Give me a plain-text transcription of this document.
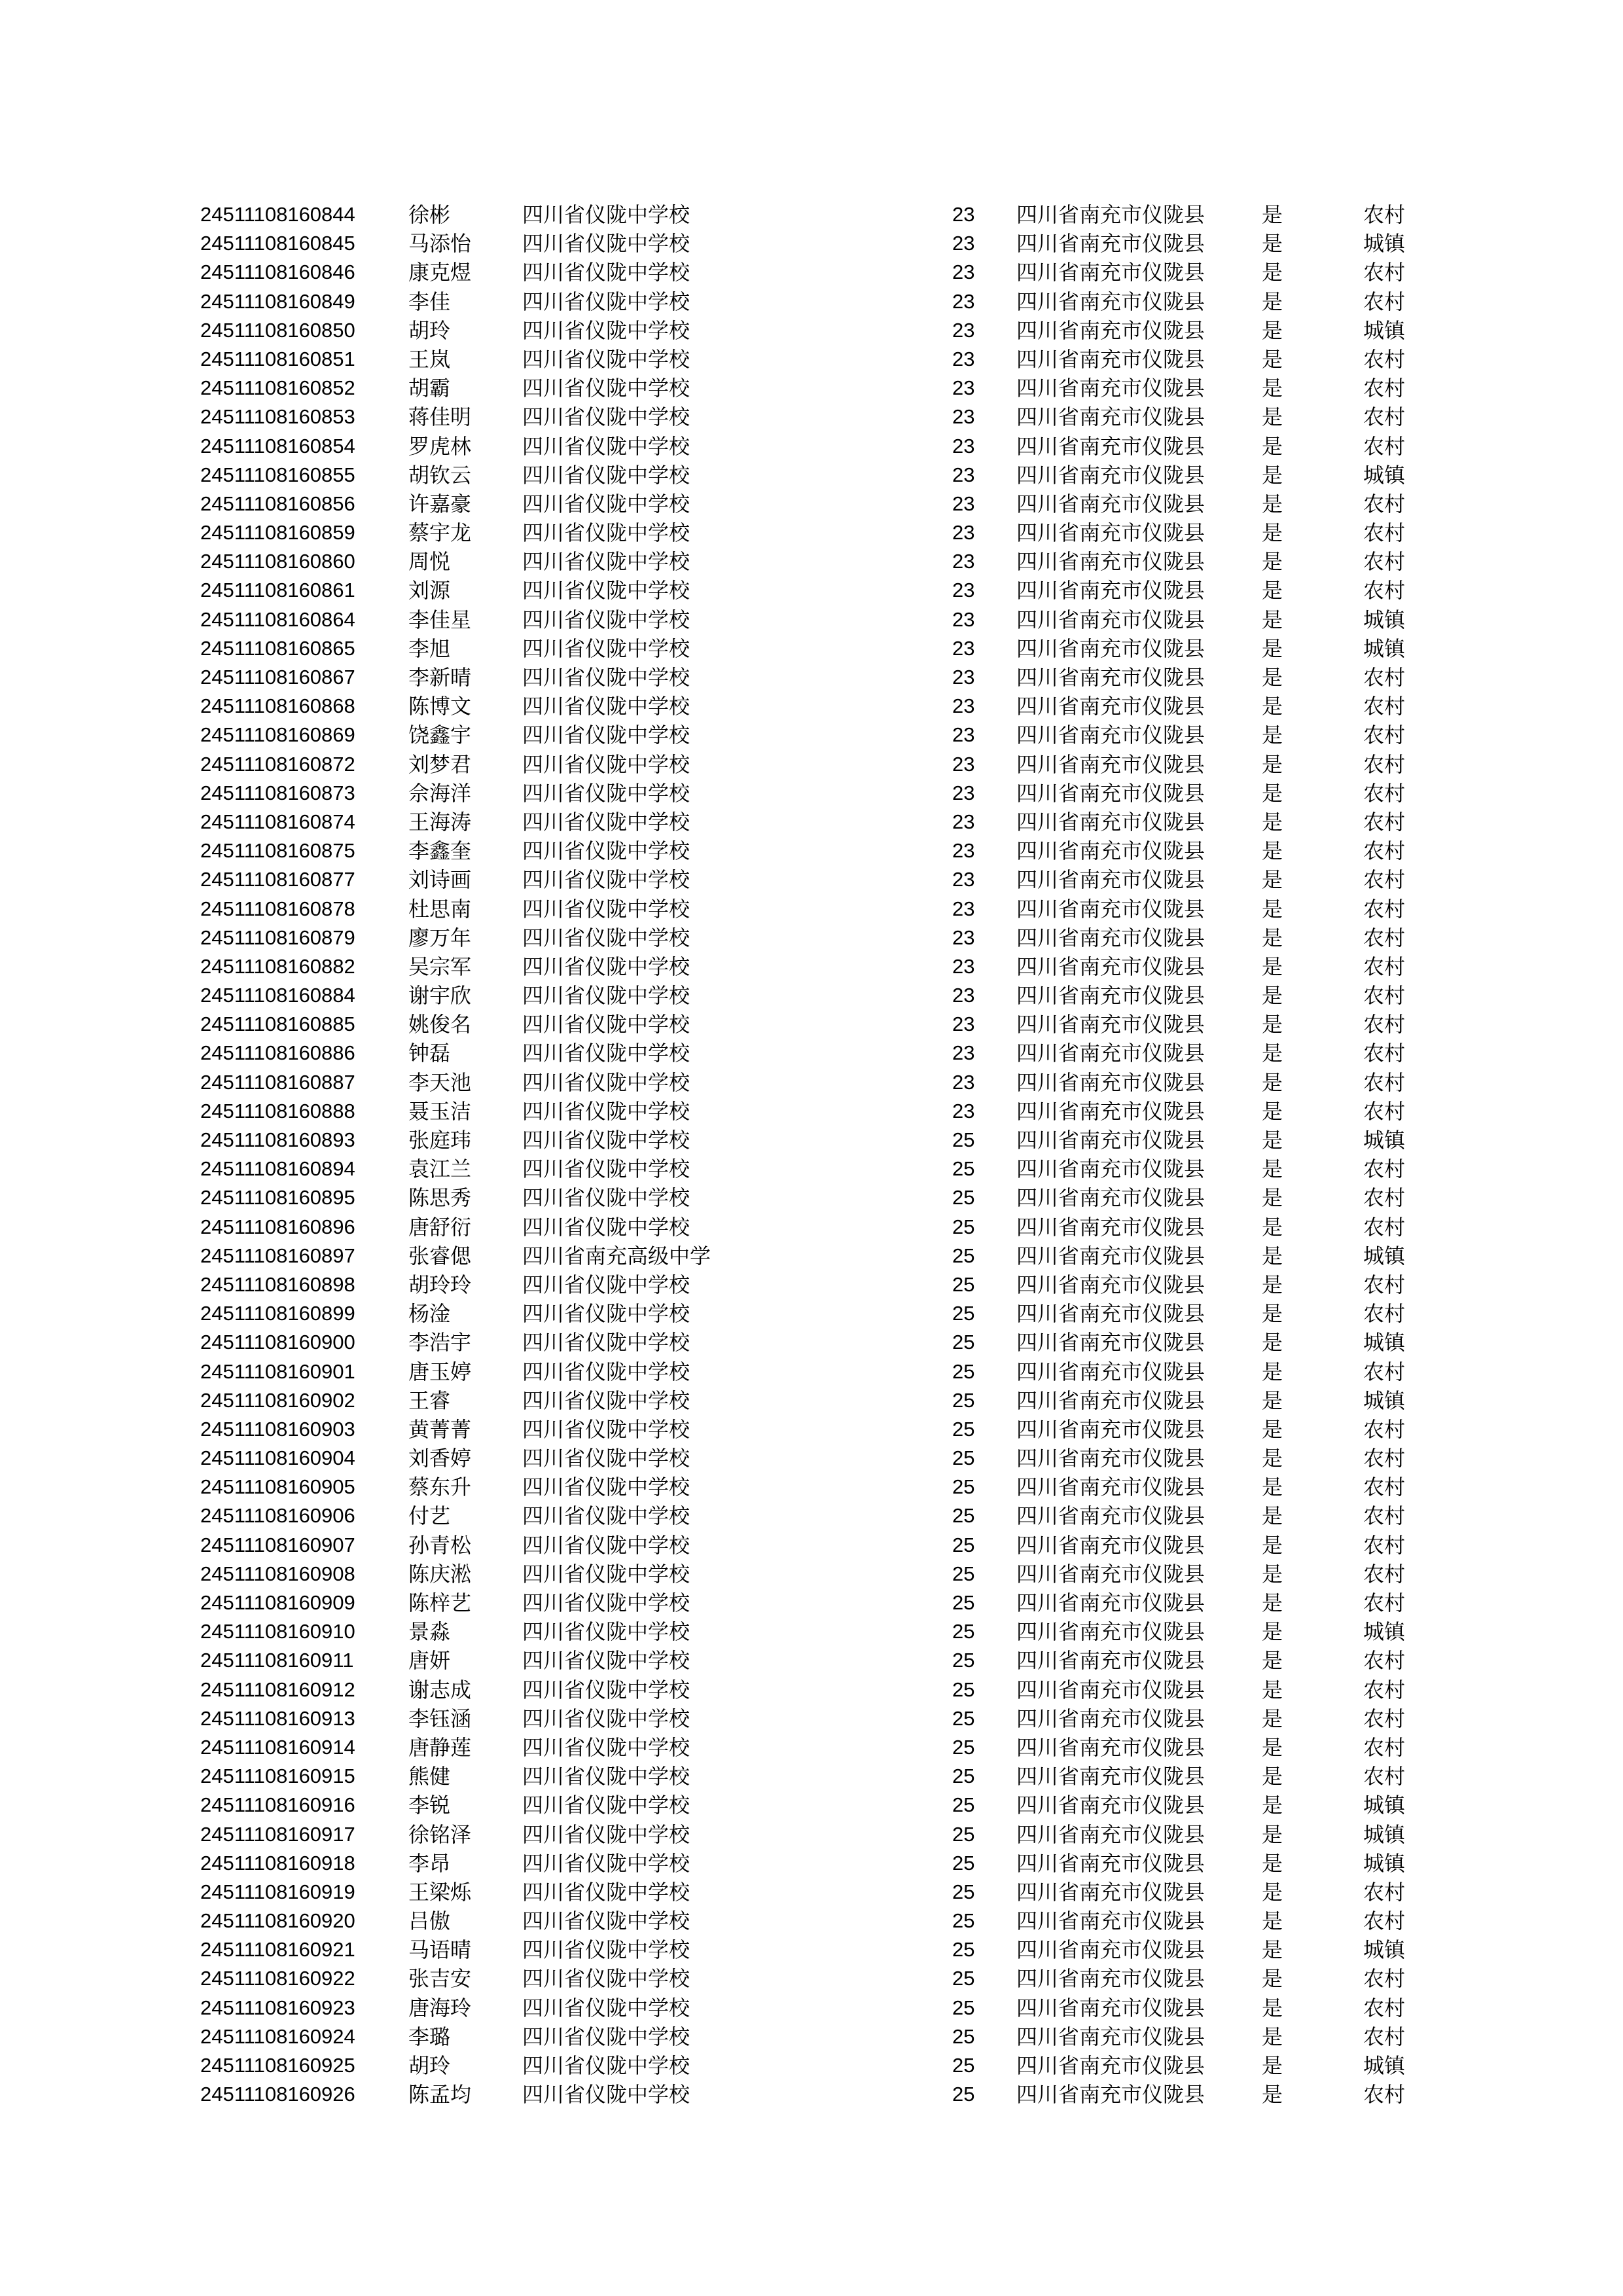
24511108160844	徐彬	四川省仪陇中学校	23 四川省南充市仪陇县	是	农村
24511108160845	马添怡 四川省仪陇中学校	23 四川省南充市仪陇县	是	城镇
24511108160846	康克煜 四川省仪陇中学校	23 四川省南充市仪陇县	是	农村
24511108160849	李佳	四川省仪陇中学校	23 四川省南充市仪陇县	是	农村
24511108160850	胡玲	四川省仪陇中学校	23 四川省南充市仪陇县	是	城镇
24511108160851	王岚	四川省仪陇中学校	23 四川省南充市仪陇县	是	农村
24511108160852	胡霸	四川省仪陇中学校	23 四川省南充市仪陇县	是	农村
24511108160853	蒋佳明 四川省仪陇中学校	23 四川省南充市仪陇县	是	农村
24511108160854	罗虎林 四川省仪陇中学校	23 四川省南充市仪陇县	是	农村
24511108160855	胡钦云 四川省仪陇中学校	23 四川省南充市仪陇县	是	城镇
24511108160856	许嘉豪 四川省仪陇中学校	23 四川省南充市仪陇县	是	农村
24511108160859	蔡宇龙 四川省仪陇中学校	23 四川省南充市仪陇县	是	农村
24511108160860	周悦	四川省仪陇中学校	23 四川省南充市仪陇县	是	农村
24511108160861	刘源	四川省仪陇中学校	23 四川省南充市仪陇县	是	农村
24511108160864	李佳星 四川省仪陇中学校	23 四川省南充市仪陇县	是	城镇
24511108160865	李旭	四川省仪陇中学校	23 四川省南充市仪陇县	是	城镇
24511108160867	李新晴 四川省仪陇中学校	23 四川省南充市仪陇县	是	农村
24511108160868	陈博文 四川省仪陇中学校	23 四川省南充市仪陇县	是	农村
24511108160869	饶鑫宇 四川省仪陇中学校	23 四川省南充市仪陇县	是	农村
24511108160872	刘梦君 四川省仪陇中学校	23 四川省南充市仪陇县	是	农村
24511108160873	佘海洋 四川省仪陇中学校	23 四川省南充市仪陇县	是	农村
24511108160874	王海涛 四川省仪陇中学校	23 四川省南充市仪陇县	是	农村
24511108160875	李鑫奎 四川省仪陇中学校	23 四川省南充市仪陇县	是	农村
24511108160877	刘诗画 四川省仪陇中学校	23 四川省南充市仪陇县	是	农村
24511108160878	杜思南 四川省仪陇中学校	23 四川省南充市仪陇县	是	农村
24511108160879	廖万年 四川省仪陇中学校	23 四川省南充市仪陇县	是	农村
24511108160882	吴宗军 四川省仪陇中学校	23 四川省南充市仪陇县	是	农村
24511108160884	谢宇欣 四川省仪陇中学校	23 四川省南充市仪陇县	是	农村
24511108160885	姚俊名 四川省仪陇中学校	23 四川省南充市仪陇县	是	农村
24511108160886	钟磊	四川省仪陇中学校	23 四川省南充市仪陇县	是	农村
24511108160887	李天池 四川省仪陇中学校	23 四川省南充市仪陇县	是	农村
24511108160888	聂玉洁 四川省仪陇中学校	23 四川省南充市仪陇县	是	农村
24511108160893	张庭玮 四川省仪陇中学校	25 四川省南充市仪陇县	是	城镇
24511108160894	袁江兰 四川省仪陇中学校	25 四川省南充市仪陇县	是	农村
24511108160895	陈思秀 四川省仪陇中学校	25 四川省南充市仪陇县	是	农村
24511108160896	唐舒衍 四川省仪陇中学校	25 四川省南充市仪陇县	是	农村
24511108160897	张睿偲 四川省南充高级中学	25 四川省南充市仪陇县	是	城镇
24511108160898	胡玲玲 四川省仪陇中学校	25 四川省南充市仪陇县	是	农村
24511108160899	杨淦	四川省仪陇中学校	25 四川省南充市仪陇县	是	农村
24511108160900	李浩宇 四川省仪陇中学校	25 四川省南充市仪陇县	是	城镇
24511108160901	唐玉婷 四川省仪陇中学校	25 四川省南充市仪陇县	是	农村
24511108160902	王睿	四川省仪陇中学校	25 四川省南充市仪陇县	是	城镇
24511108160903	黄菁菁 四川省仪陇中学校	25 四川省南充市仪陇县	是	农村
24511108160904	刘香婷 四川省仪陇中学校	25 四川省南充市仪陇县	是	农村
24511108160905	蔡东升 四川省仪陇中学校	25 四川省南充市仪陇县	是	农村
24511108160906	付艺	四川省仪陇中学校	25 四川省南充市仪陇县	是	农村
24511108160907	孙青松 四川省仪陇中学校	25 四川省南充市仪陇县	是	农村
24511108160908	陈庆淞 四川省仪陇中学校	25 四川省南充市仪陇县	是	农村
24511108160909	陈梓艺 四川省仪陇中学校	25 四川省南充市仪陇县	是	农村
24511108160910	景淼	四川省仪陇中学校	25 四川省南充市仪陇县	是	城镇
24511108160911	唐妍	四川省仪陇中学校	25 四川省南充市仪陇县	是	农村
24511108160912	谢志成 四川省仪陇中学校	25 四川省南充市仪陇县	是	农村
24511108160913	李钰涵 四川省仪陇中学校	25 四川省南充市仪陇县	是	农村
24511108160914	唐静莲 四川省仪陇中学校	25 四川省南充市仪陇县	是	农村
24511108160915	熊健	四川省仪陇中学校	25 四川省南充市仪陇县	是	农村
24511108160916	李锐	四川省仪陇中学校	25 四川省南充市仪陇县	是	城镇
24511108160917	徐铭泽 四川省仪陇中学校	25 四川省南充市仪陇县	是	城镇
24511108160918	李昂	四川省仪陇中学校	25 四川省南充市仪陇县	是	城镇
24511108160919	王梁烁 四川省仪陇中学校	25 四川省南充市仪陇县	是	农村
24511108160920	吕傲	四川省仪陇中学校	25 四川省南充市仪陇县	是	农村
24511108160921	马语晴 四川省仪陇中学校	25 四川省南充市仪陇县	是	城镇
24511108160922	张吉安 四川省仪陇中学校	25 四川省南充市仪陇县	是	农村
24511108160923	唐海玲 四川省仪陇中学校	25 四川省南充市仪陇县	是	农村
24511108160924	李璐	四川省仪陇中学校	25 四川省南充市仪陇县	是	农村
24511108160925	胡玲	四川省仪陇中学校	25 四川省南充市仪陇县	是	城镇
24511108160926	陈孟均 四川省仪陇中学校	25 四川省南充市仪陇县	是	农村
